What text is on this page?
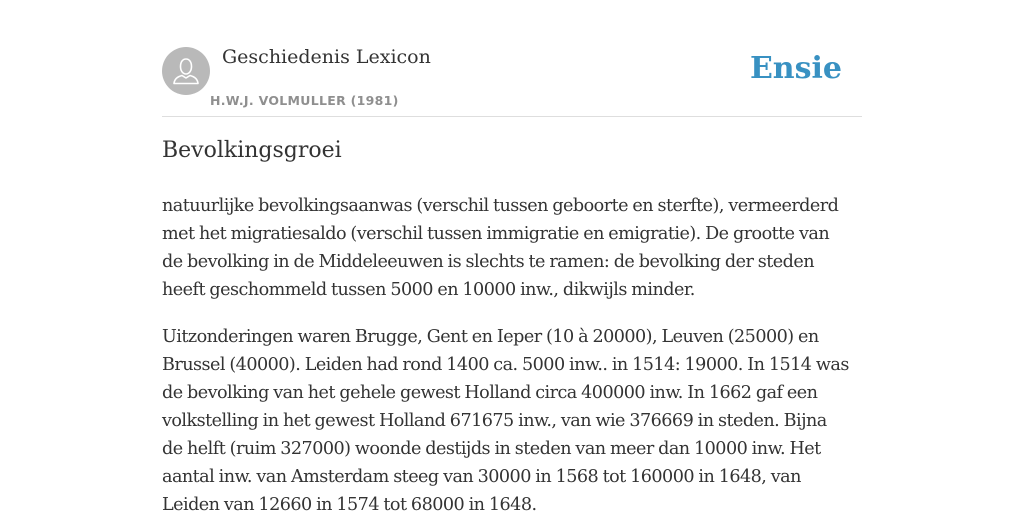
Geschiedenis Lexicon
H.W.J. VOLMULLER (1981)
Ensie
Bevolkingsgroei

natuurlijke bevolkingsaanwas (verschil tussen geboorte en sterfte), vermeerderd
met het migratiesaldo (verschil tussen immigratie en emigratie). De grootte van
de bevolking in de Middeleeuwen is slechts te ramen: de bevolking der steden
heeft geschommeld tussen 5000 en 10000 inw., dikwijls minder.

Uitzonderingen waren Brugge, Gent en Ieper (10 à 20000), Leuven (25000) en
Brussel (40000). Leiden had rond 1400 ca. 5000 inw.. in 1514: 19000. In 1514 was
de bevolking van het gehele gewest Holland circa 400000 inw. In 1662 gaf een
volkstelling in het gewest Holland 671675 inw., van wie 376669 in steden. Bijna
de helft (ruim 327000) woonde destijds in steden van meer dan 10000 inw. Het
aantal inw. van Amsterdam steeg van 30000 in 1568 tot 160000 in 1648, van
Leiden van 12660 in 1574 tot 68000 in 1648.
